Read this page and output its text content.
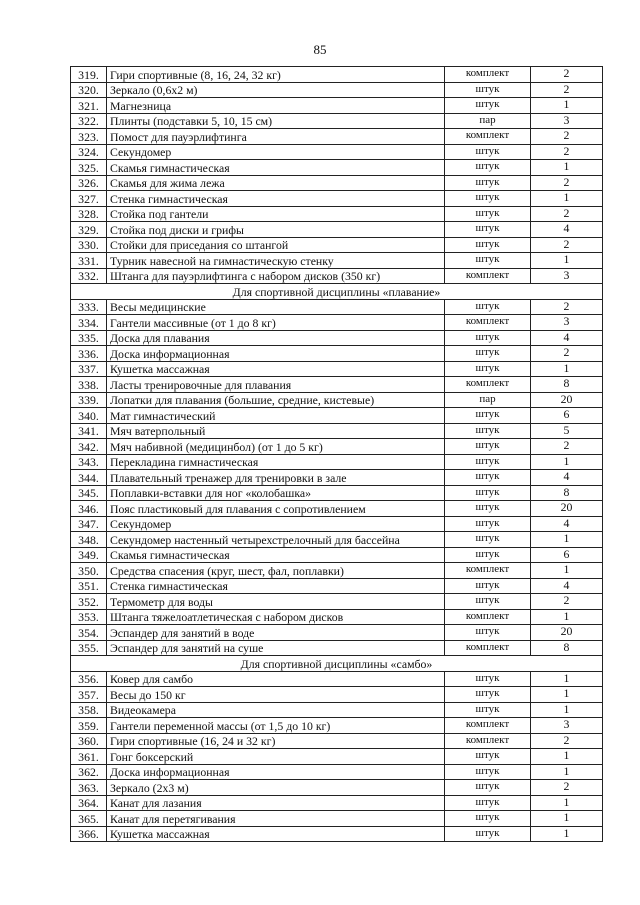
85
319.	Гири спортивные (8, 16, 24, 32 кг)	комплект	2
320.	Зеркало (0,6х2 м)	штук	2
321.	Магнезница	штук	1
322.	Плинты (подставки 5, 10, 15 см)	пар	3
323.	Помост для пауэрлифтинга	комплект	2
324.	Секундомер	штук	2
325.	Скамья гимнастическая	штук	1
326.	Скамья для жима лежа	штук	2
327.	Стенка гимнастическая	штук	1
328.	Стойка под гантели	штук	2
329.	Стойка под диски и грифы	штук	4
330.	Стойки для приседания со штангой	штук	2
331.	Турник навесной на гимнастическую стенку	штук	1
332.	Штанга для пауэрлифтинга с набором дисков (350 кг)	комплект	3
Для спортивной дисциплины «плавание»			
333.	Весы медицинские	штук	2
334.	Гантели массивные (от 1 до 8 кг)	комплект	3
335.	Доска для плавания	штук	4
336.	Доска информационная	штук	2
337.	Кушетка массажная	штук	1
338.	Ласты тренировочные для плавания	комплект	8
339.	Лопатки для плавания (большие, средние, кистевые)	пар	20
340.	Мат гимнастический	штук	6
341.	Мяч ватерпольный	штук	5
342.	Мяч набивной (медицинбол) (от 1 до 5 кг)	штук	2
343.	Перекладина гимнастическая	штук	1
344.	Плавательный тренажер для тренировки в зале	штук	4
345.	Поплавки-вставки для ног «колобашка»	штук	8
346.	Пояс пластиковый для плавания с сопротивлением	штук	20
347.	Секундомер	штук	4
348.	Секундомер настенный четырехстрелочный для бассейна	штук	1
349.	Скамья гимнастическая	штук	6
350.	Средства спасения (круг, шест, фал, поплавки)	комплект	1
351.	Стенка гимнастическая	штук	4
352.	Термометр для воды	штук	2
353.	Штанга тяжелоатлетическая с набором дисков	комплект	1
354.	Эспандер для занятий в воде	штук	20
355.	Эспандер для занятий на суше	комплект	8
Для спортивной дисциплины «самбо»			
356.	Ковер для самбо	штук	1
357.	Весы до 150 кг	штук	1
358.	Видеокамера	штук	1
359.	Гантели переменной массы (от 1,5 до 10 кг)	комплект	3
360.	Гири спортивные (16, 24 и 32 кг)	комплект	2
361.	Гонг боксерский	штук	1
362.	Доска информационная	штук	1
363.	Зеркало (2х3 м)	штук	2
364.	Канат для лазания	штук	1
365.	Канат для перетягивания	штук	1
366.	Кушетка массажная	штук	1
